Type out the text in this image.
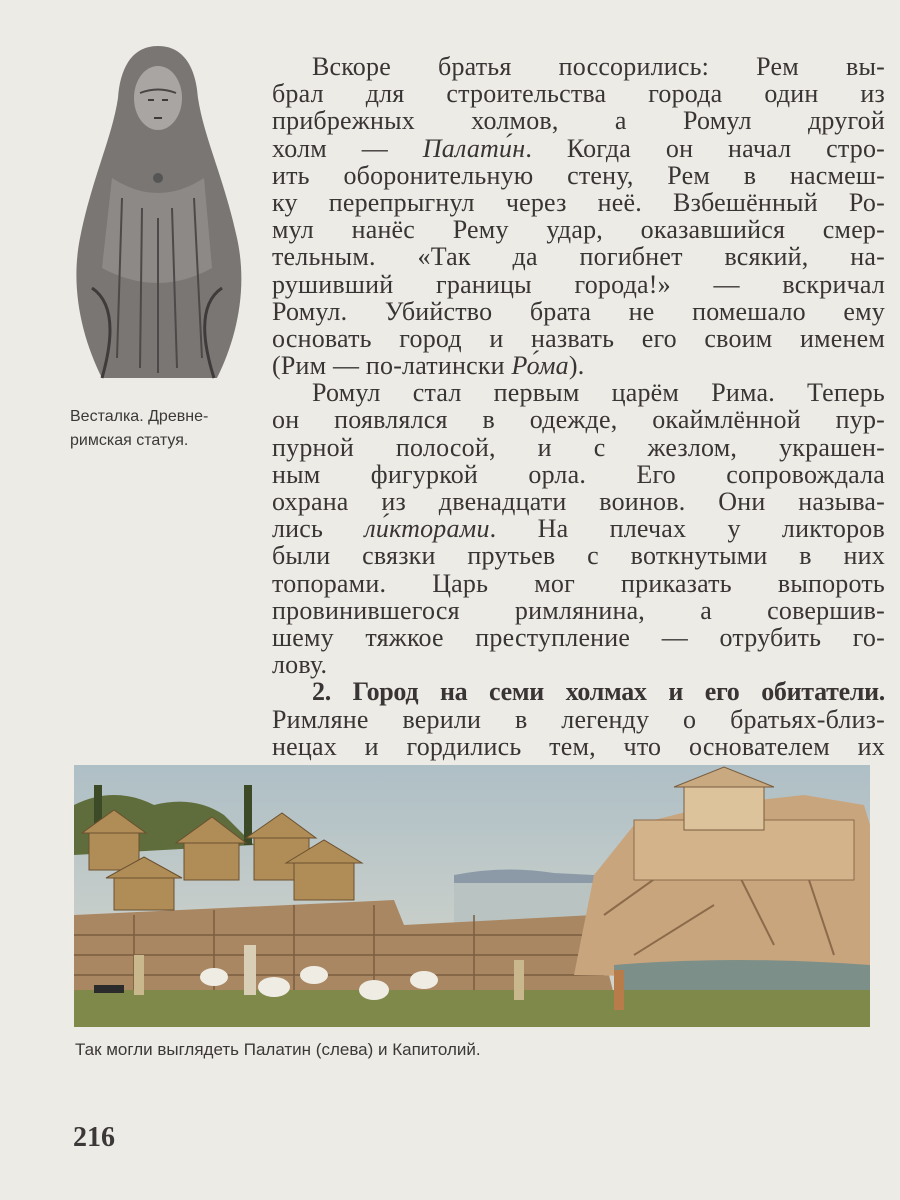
Весталка. Древне-
римская статуя.
Вскоре братья поссорились: Рем вы-
брал для строительства города один из
прибрежных холмов, а Ромул другой
холм — Палати́н. Когда он начал стро-
ить оборонительную стену, Рем в насмеш-
ку перепрыгнул через неё. Взбешённый Ро-
мул нанёс Рему удар, оказавшийся смер-
тельным. «Так да погибнет всякий, на-
рушивший границы города!» — вскричал
Ромул. Убийство брата не помешало ему
основать город и назвать его своим именем
(Рим — по-латински Ро́ма).
Ромул стал первым царём Рима. Теперь
он появлялся в одежде, окаймлённой пур-
пурной полосой, и с жезлом, украшен-
ным фигуркой орла. Его сопровождала
охрана из двенадцати воинов. Они называ-
лись ли́кторами. На плечах у ликторов
были связки прутьев с воткнутыми в них
топорами. Царь мог приказать выпороть
провинившегося римлянина, а совершив-
шему тяжкое преступление — отрубить го-
лову.
2. Город на семи холмах и его обитатели.
Римляне верили в легенду о братьях-близ-
нецах и гордились тем, что основателем их
Так могли выглядеть Палатин (слева) и Капитолий.
216
